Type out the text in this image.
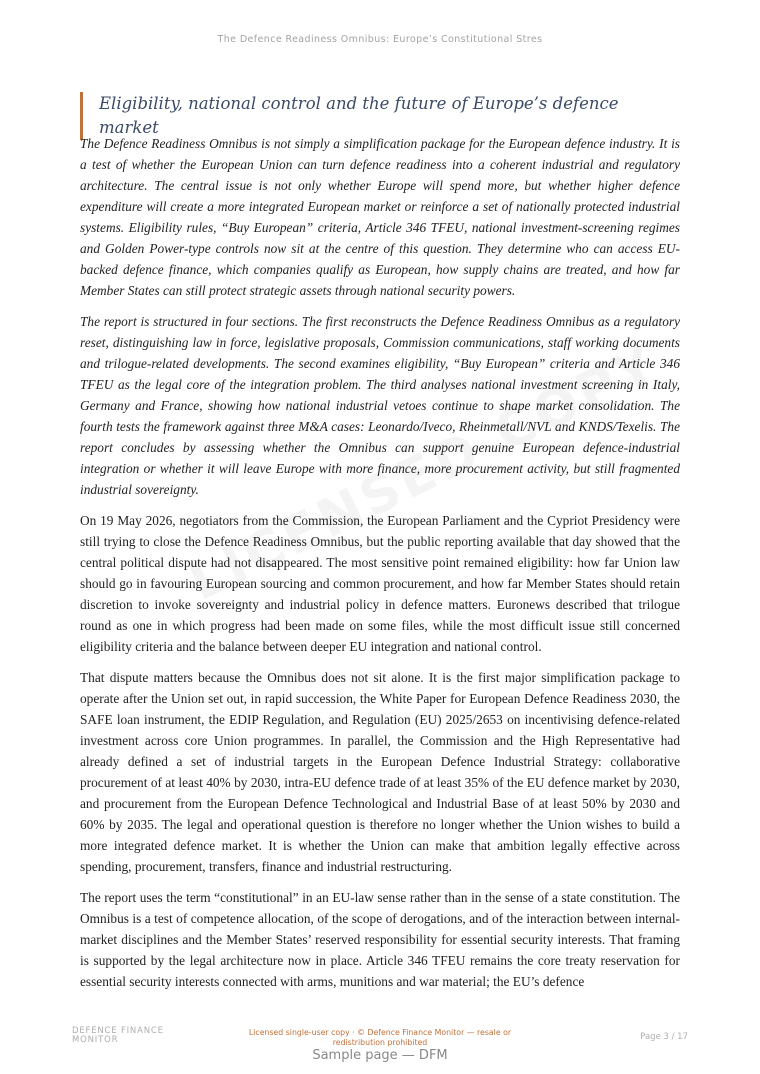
The Defence Readiness Omnibus: Europe’s Constitutional Stres
Eligibility, national control and the future of Europe’s defence market

The Defence Readiness Omnibus is not simply a simplification package for the European defence industry. It is a test of whether the European Union can turn defence readiness into a coherent industrial and regulatory architecture. The central issue is not only whether Europe will spend more, but whether higher defence expenditure will create a more integrated European market or reinforce a set of nationally protected industrial systems. Eligibility rules, “Buy European” criteria, Article 346 TFEU, national investment-screening regimes and Golden Power-type controls now sit at the centre of this question. They determine who can access EU-backed defence finance, which companies qualify as European, how supply chains are treated, and how far Member States can still protect strategic assets through national security powers.

The report is structured in four sections. The first reconstructs the Defence Readiness Omnibus as a regulatory reset, distinguishing law in force, legislative proposals, Commission communications, staff working documents and trilogue-related developments. The second examines eligibility, “Buy European” criteria and Article 346 TFEU as the legal core of the integration problem. The third analyses national investment screening in Italy, Germany and France, showing how national industrial vetoes continue to shape market consolidation. The fourth tests the framework against three M&A cases: Leonardo/Iveco, Rheinmetall/NVL and KNDS/Texelis. The report concludes by assessing whether the Omnibus can support genuine European defence-industrial integration or whether it will leave Europe with more finance, more procurement activity, but still fragmented industrial sovereignty.

On 19 May 2026, negotiators from the Commission, the European Parliament and the Cypriot Presidency were still trying to close the Defence Readiness Omnibus, but the public reporting available that day showed that the central political dispute had not disappeared. The most sensitive point remained eligibility: how far Union law should go in favouring European sourcing and common procurement, and how far Member States should retain discretion to invoke sovereignty and industrial policy in defence matters. Euronews described that trilogue round as one in which progress had been made on some files, while the most difficult issue still concerned eligibility criteria and the balance between deeper EU integration and national control.

That dispute matters because the Omnibus does not sit alone. It is the first major simplification package to operate after the Union set out, in rapid succession, the White Paper for European Defence Readiness 2030, the SAFE loan instrument, the EDIP Regulation, and Regulation (EU) 2025/2653 on incentivising defence-related investment across core Union programmes. In parallel, the Commission and the High Representative had already defined a set of industrial targets in the European Defence Industrial Strategy: collaborative procurement of at least 40% by 2030, intra-EU defence trade of at least 35% of the EU defence market by 2030, and procurement from the European Defence Technological and Industrial Base of at least 50% by 2030 and 60% by 2035. The legal and operational question is therefore no longer whether the Union wishes to build a more integrated defence market. It is whether the Union can make that ambition legally effective across spending, procurement, transfers, finance and industrial restructuring.

The report uses the term “constitutional” in an EU-law sense rather than in the sense of a state constitution. The Omnibus is a test of competence allocation, of the scope of derogations, and of the interaction between internal-market disciplines and the Member States’ reserved responsibility for essential security interests. That framing is supported by the legal architecture now in place. Article 346 TFEU remains the core treaty reservation for essential security interests connected with arms, munitions and war material; the EU’s defence

DEFENCE FINANCE
MONITOR
Licensed single-user copy · © Defence Finance Monitor — resale or redistribution prohibited	Page 3 / 17
Sample page — DFM
